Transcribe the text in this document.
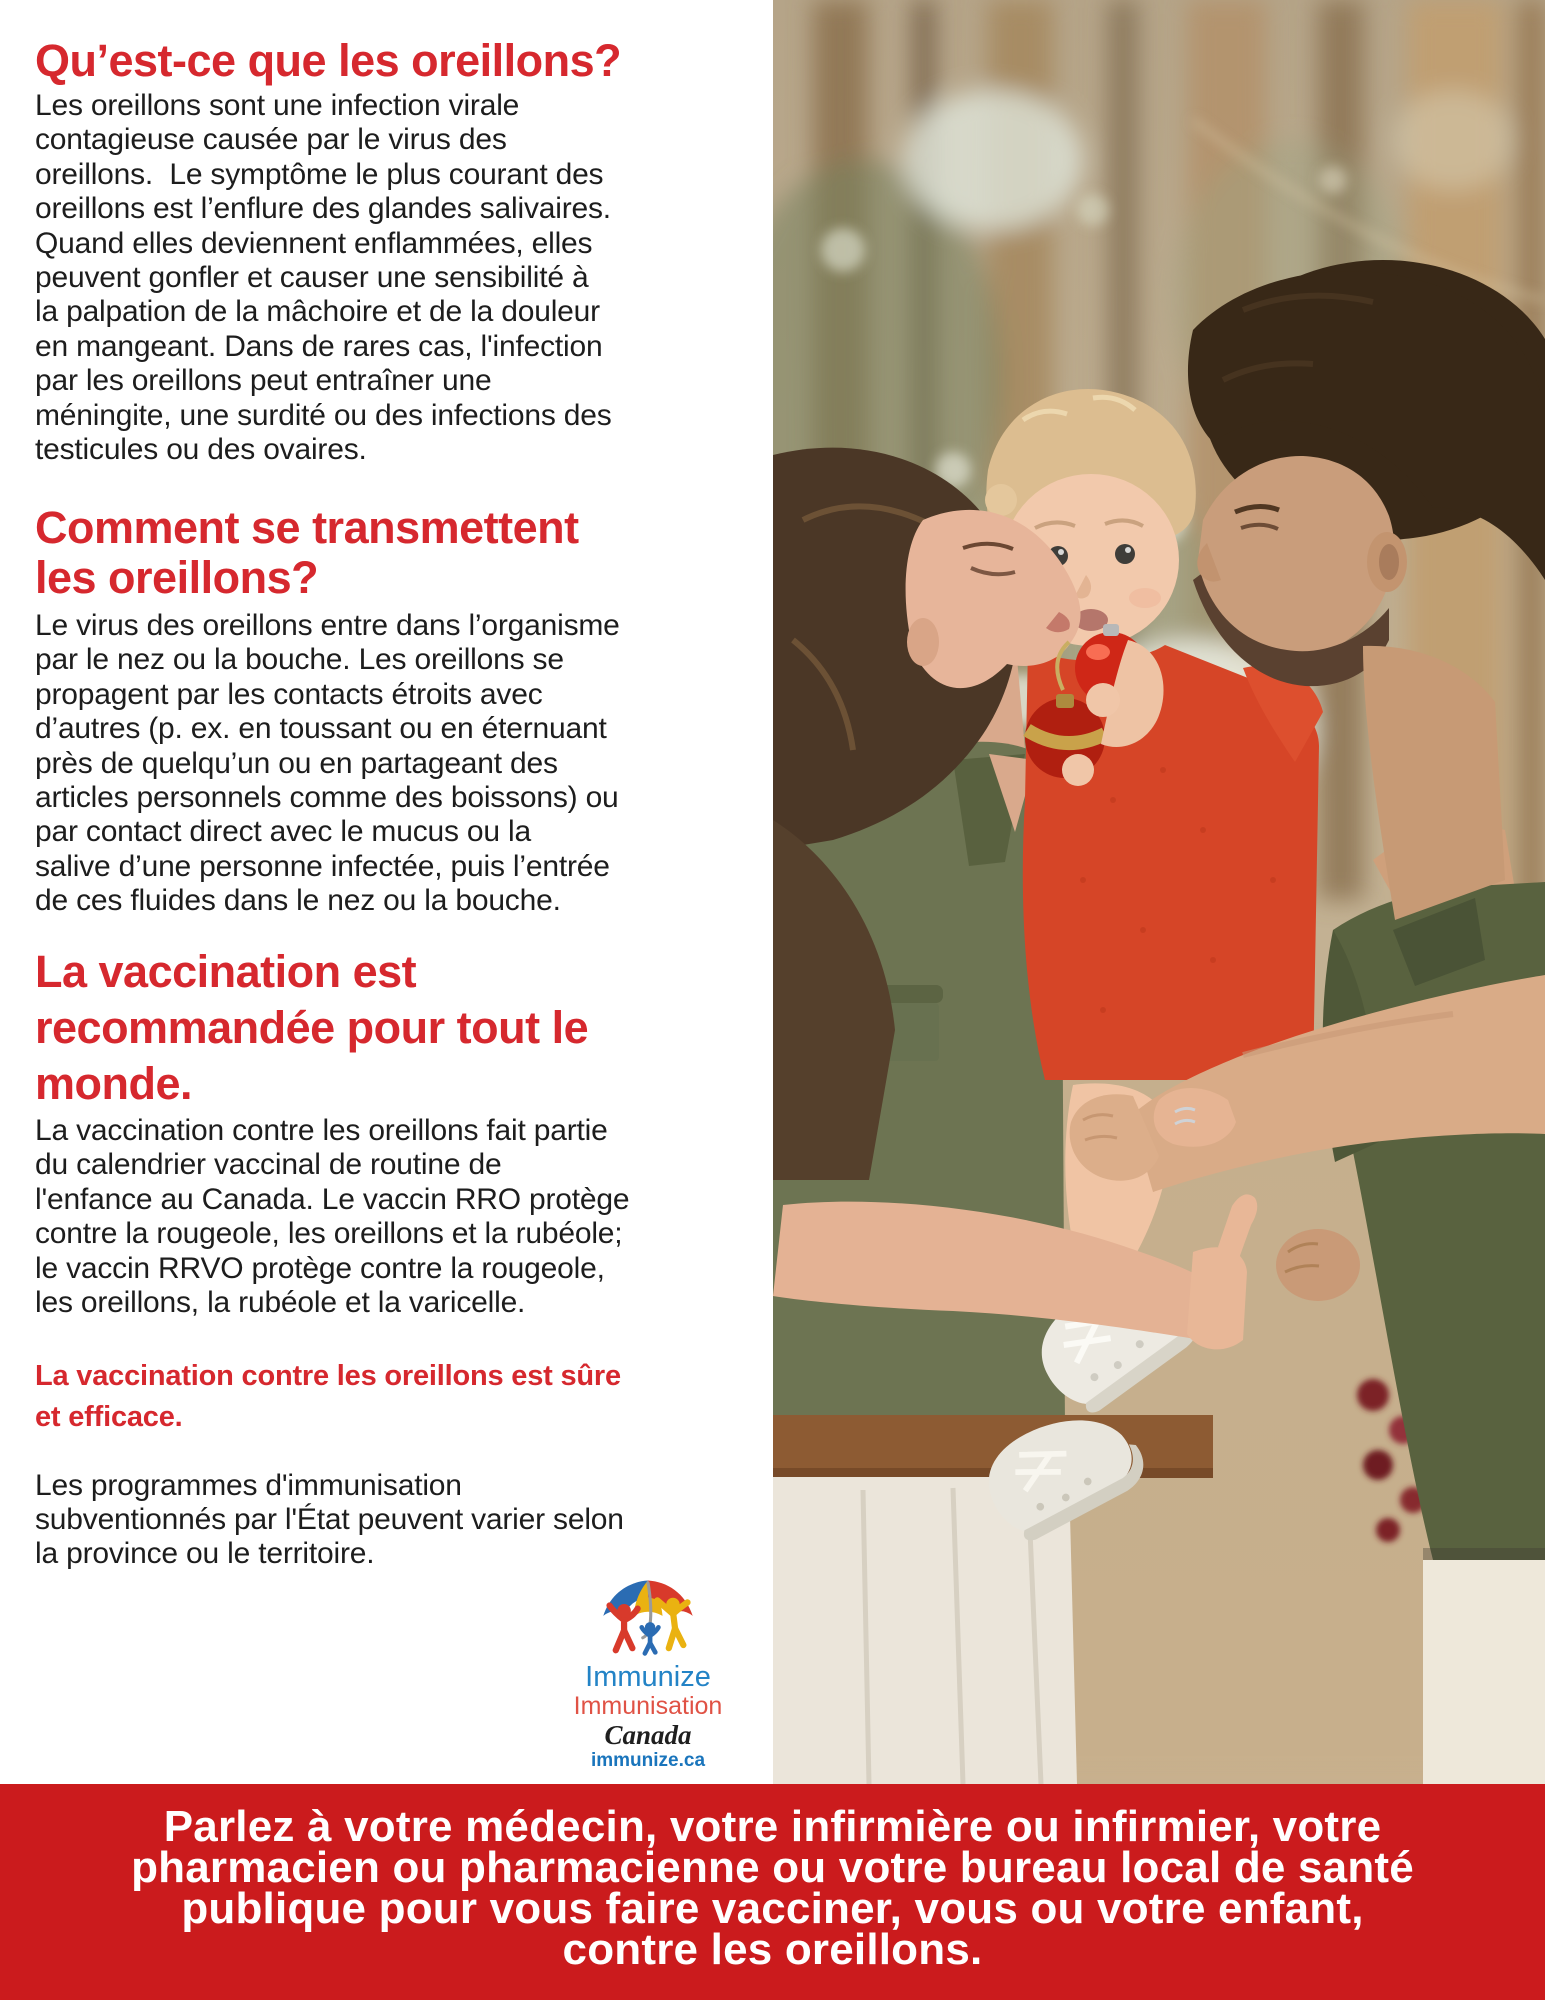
Qu’est-ce que les oreillons?
Les oreillons sont une infection virale
contagieuse causée par le virus des
oreillons.  Le symptôme le plus courant des
oreillons est l’enflure des glandes salivaires.
Quand elles deviennent enflammées, elles
peuvent gonfler et causer une sensibilité à
la palpation de la mâchoire et de la douleur
en mangeant. Dans de rares cas, l'infection
par les oreillons peut entraîner une
méningite, une surdité ou des infections des
testicules ou des ovaires.
Comment se transmettent
les oreillons?
Le virus des oreillons entre dans l’organisme
par le nez ou la bouche. Les oreillons se
propagent par les contacts étroits avec
d’autres (p. ex. en toussant ou en éternuant
près de quelqu’un ou en partageant des
articles personnels comme des boissons) ou
par contact direct avec le mucus ou la
salive d’une personne infectée, puis l’entrée
de ces fluides dans le nez ou la bouche.
La vaccination est
recommandée pour tout le
monde.
La vaccination contre les oreillons fait partie
du calendrier vaccinal de routine de
l'enfance au Canada. Le vaccin RRO protège
contre la rougeole, les oreillons et la rubéole;
le vaccin RRVO protège contre la rougeole,
les oreillons, la rubéole et la varicelle.
La vaccination contre les oreillons est sûre
et efficace.
Les programmes d'immunisation
subventionnés par l'État peuvent varier selon
la province ou le territoire.
Immunize
Immunisation
Canada
immunize.ca
Parlez à votre médecin, votre infirmière ou infirmier, votre
pharmacien ou pharmacienne ou votre bureau local de santé
publique pour vous faire vacciner, vous ou votre enfant,
contre les oreillons.
